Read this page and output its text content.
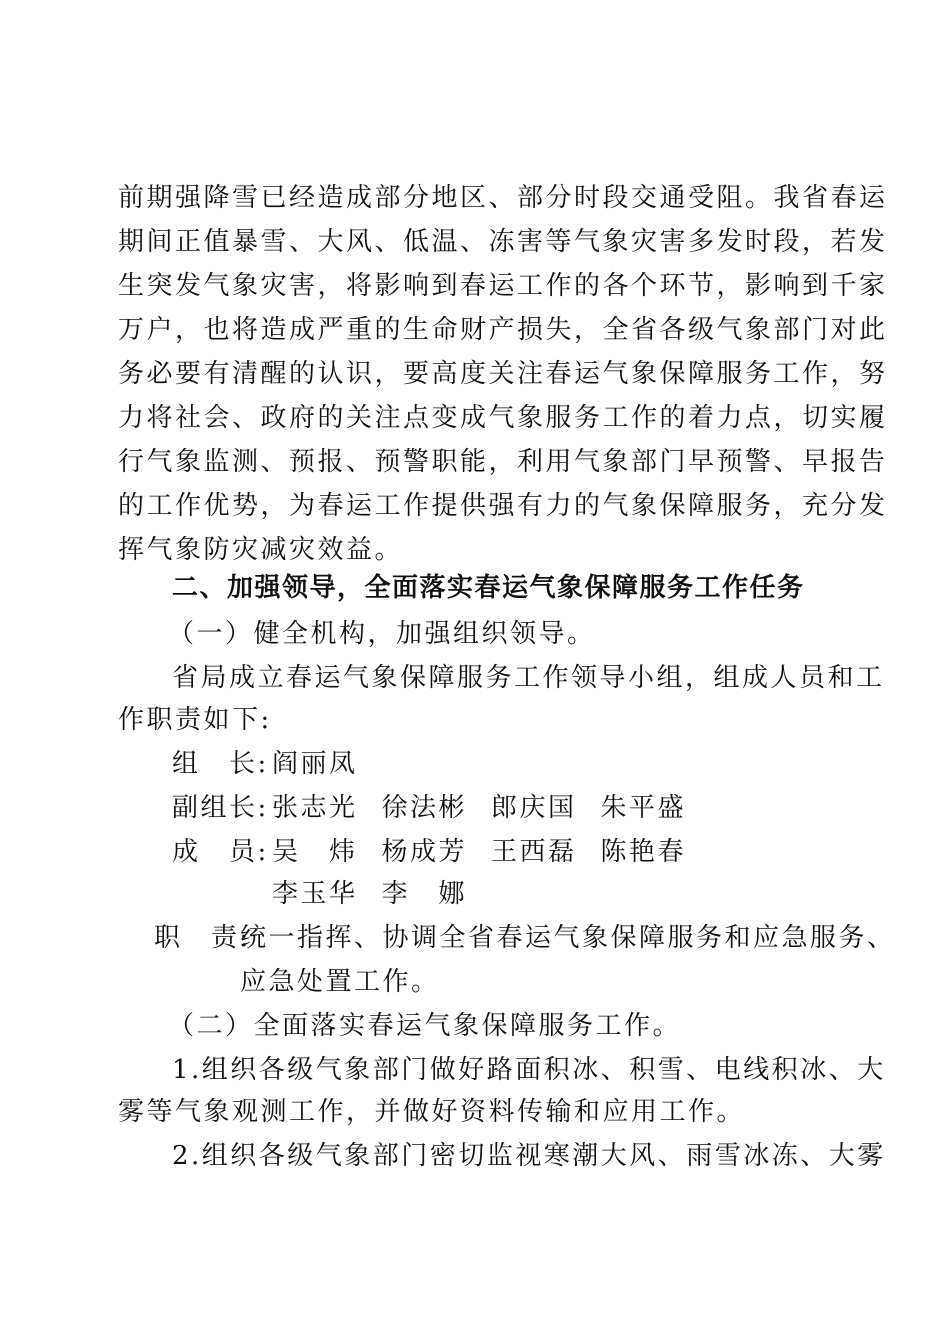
前期强降雪已经造成部分地区、部分时段交通受阻。我省春运
期间正值暴雪、大风、低温、冻害等气象灾害多发时段，若发
生突发气象灾害，将影响到春运工作的各个环节，影响到千家
万户，也将造成严重的生命财产损失，全省各级气象部门对此
务必要有清醒的认识，要高度关注春运气象保障服务工作，努
力将社会、政府的关注点变成气象服务工作的着力点，切实履
行气象监测、预报、预警职能，利用气象部门早预警、早报告
的工作优势，为春运工作提供强有力的气象保障服务，充分发
挥气象防灾减灾效益。
二、加强领导，全面落实春运气象保障服务工作任务
（一）健全机构，加强组织领导。
省局成立春运气象保障服务工作领导小组，组成人员和工
作职责如下:
组　长: 阎丽凤
副组长: 张志光 徐法彬 郎庆国 朱平盛
成　员: 吴　炜 杨成芳 王西磊 陈艳春
李玉华 李　娜
职　责:统一指挥、协调全省春运气象保障服务和应急服务、
应急处置工作。
（二）全面落实春运气象保障服务工作。
1.组织各级气象部门做好路面积冰、积雪、电线积冰、大
雾等气象观测工作，并做好资料传输和应用工作。
2.组织各级气象部门密切监视寒潮大风、雨雪冰冻、大雾
